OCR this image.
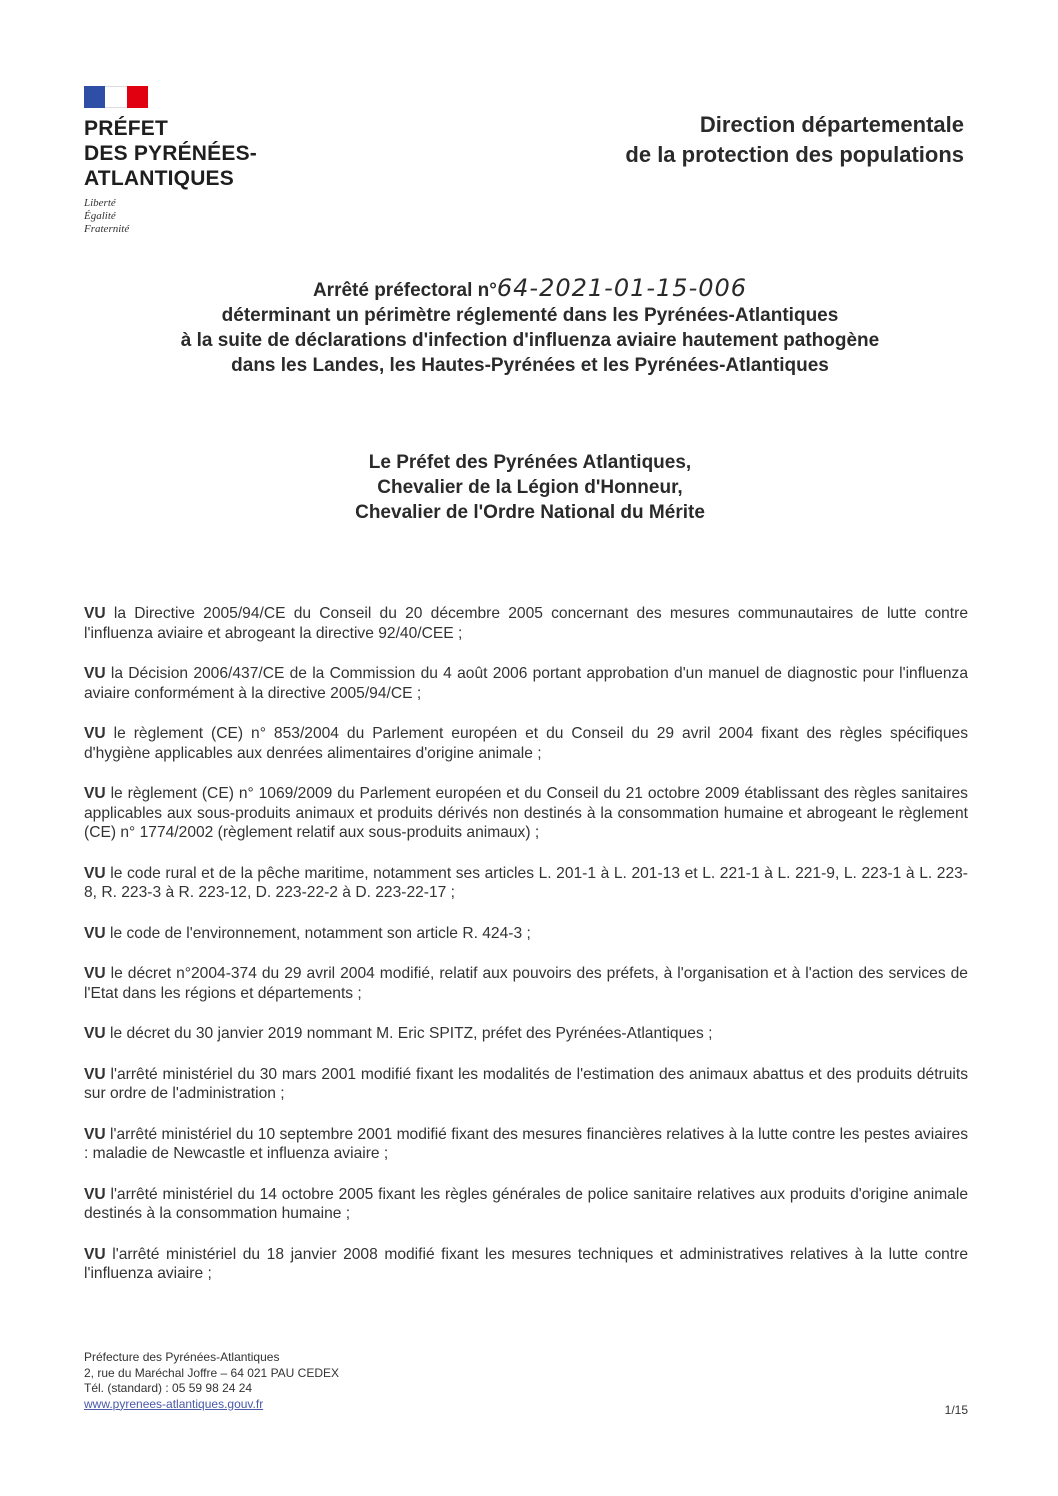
PRÉFET
DES PYRÉNÉES-
ATLANTIQUES
Liberté
Égalité
Fraternité
Direction départementale
de la protection des populations
Arrêté préfectoral n°64-2021-01-15-006
déterminant un périmètre réglementé dans les Pyrénées-Atlantiques
à la suite de déclarations d'infection d'influenza aviaire hautement pathogène
dans les Landes, les Hautes-Pyrénées et les Pyrénées-Atlantiques
Le Préfet des Pyrénées Atlantiques,
Chevalier de la Légion d'Honneur,
Chevalier de l'Ordre National du Mérite

VU la Directive 2005/94/CE du Conseil du 20 décembre 2005 concernant des mesures communautaires de lutte contre l'influenza aviaire et abrogeant la directive 92/40/CEE ;

VU la Décision 2006/437/CE de la Commission du 4 août 2006 portant approbation d'un manuel de diagnostic pour l'influenza aviaire conformément à la directive 2005/94/CE ;

VU le règlement (CE) n° 853/2004 du Parlement européen et du Conseil du 29 avril 2004 fixant des règles spécifiques d'hygiène applicables aux denrées alimentaires d'origine animale ;

VU le règlement (CE) n° 1069/2009 du Parlement européen et du Conseil du 21 octobre 2009 établissant des règles sanitaires applicables aux sous-produits animaux et produits dérivés non destinés à la consommation humaine et abrogeant le règlement (CE) n° 1774/2002 (règlement relatif aux sous-produits animaux) ;

VU le code rural et de la pêche maritime, notamment ses articles L. 201-1 à L. 201-13 et L. 221-1 à L. 221-9, L. 223-1 à L. 223-8, R. 223-3 à R. 223-12, D. 223-22-2 à D. 223-22-17 ;

VU le code de l'environnement, notamment son article R. 424-3 ;

VU le décret n°2004-374 du 29 avril 2004 modifié, relatif aux pouvoirs des préfets, à l'organisation et à l'action des services de l'Etat dans les régions et départements ;

VU le décret du 30 janvier 2019 nommant M. Eric SPITZ, préfet des Pyrénées-Atlantiques ;

VU l'arrêté ministériel du 30 mars 2001 modifié fixant les modalités de l'estimation des animaux abattus et des produits détruits sur ordre de l'administration ;

VU l'arrêté ministériel du 10 septembre 2001 modifié fixant des mesures financières relatives à la lutte contre les pestes aviaires : maladie de Newcastle et influenza aviaire ;

VU l'arrêté ministériel du 14 octobre 2005 fixant les règles générales de police sanitaire relatives aux produits d'origine animale destinés à la consommation humaine ;

VU l'arrêté ministériel du 18 janvier 2008 modifié fixant les mesures techniques et administratives relatives à la lutte contre l'influenza aviaire ;

Préfecture des Pyrénées-Atlantiques
2, rue du Maréchal Joffre – 64 021 PAU CEDEX
Tél. (standard) : 05 59 98 24 24
www.pyrenees-atlantiques.gouv.fr	1/15
